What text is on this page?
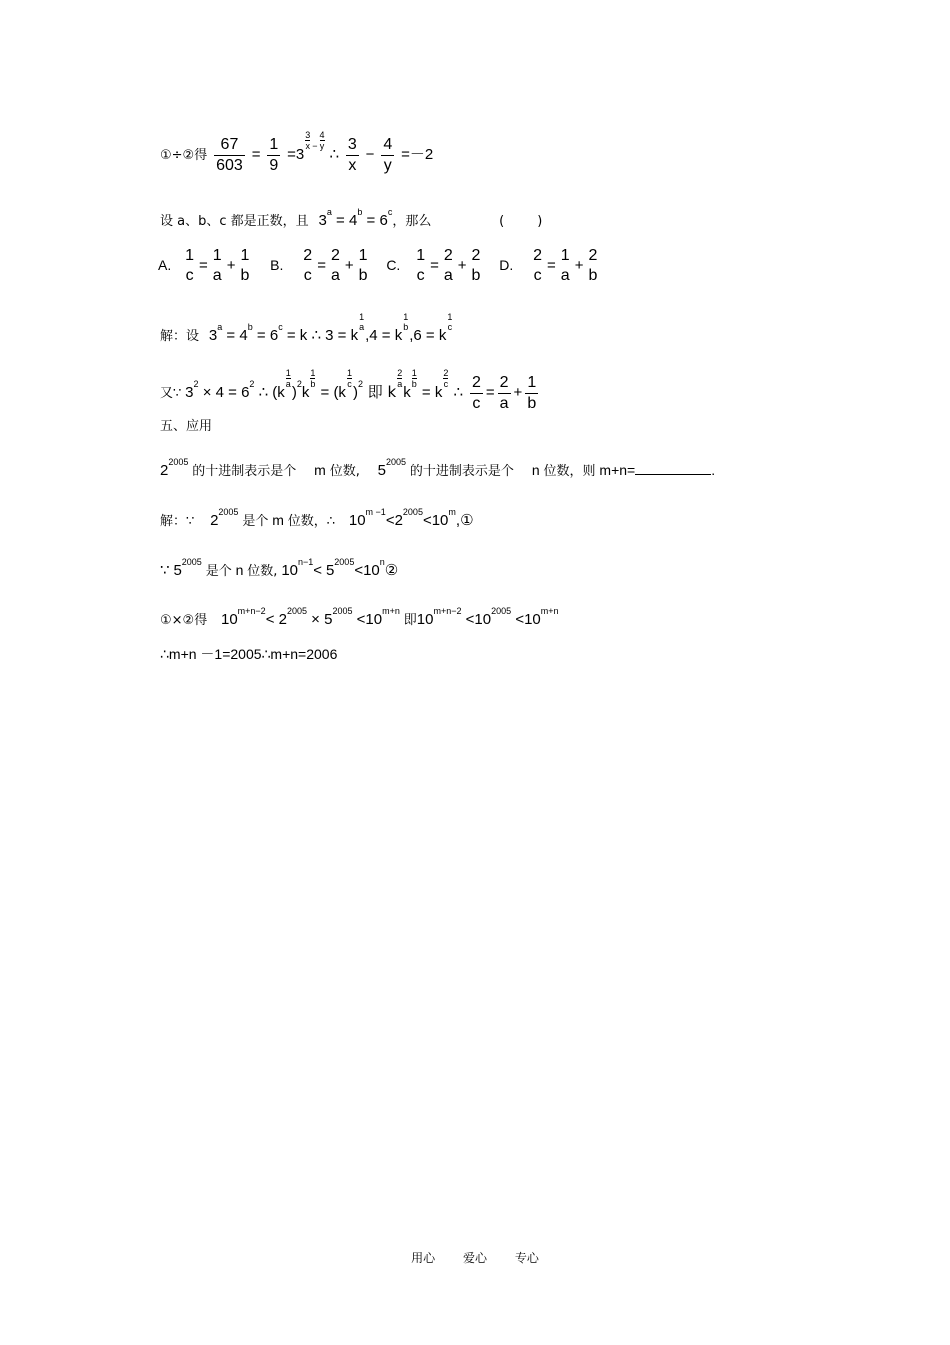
①÷②得 $\frac{67}{603} = \frac{1}{9} =3$
$\frac{3}{x} - \frac{4}{y}$
∴ $\frac{3}{x} - \frac{4}{y} =-2$
设 a、b、c 都是正数，且 $3^a = 4^b = 6^c$，那么	(        )
A.
1
c
=
1
a
+
1
b
B.
2
c
=
2
a
+
1
b
C.
1
c
=
2
a
+
2
b
D.
2
c
=
1
a
+
2
b
解：设 $3^a = 4^b = 6^c = k$ ∴ 3 = k
1
a ,4 = k
1
b ,6 = k
1
c
又∵ $3^2 \times 4 = 6^2$ ∴ (k
$\frac{1}{a}$
)$^2$k
$\frac{1}{b}$
= (k
$\frac{1}{c}$
)$^2$ 即 k
$\frac{2}{a}$
k
$\frac{1}{b}$
= k
$\frac{2}{c}$
∴ $\frac{2}{c} = \frac{2}{a} + \frac{1}{b}$
五、应用
$2^{2005}$ 的十进制表示是个 m 位数, $5^{2005}$ 的十进制表示是个 n 位数，则 m+n=	.
解：∵ $2^{2005}$ 是个 m 位数，∴ $10^{m -1}<2^{2005}<10^m,①$
∵ $5^{2005}$ 是个 n 位数, $10^{n-1}<$ $5^{2005}<10^n②$
①×②得 $10^{m+n-2}< 2^{2005} \times 5^{2005} <10^{m+n}$ 即$10^{m+n-2} <10^{2005} <10^{m+n}$
∴m+n －1=2005∴m+n=2006
用心 爱心 专心
